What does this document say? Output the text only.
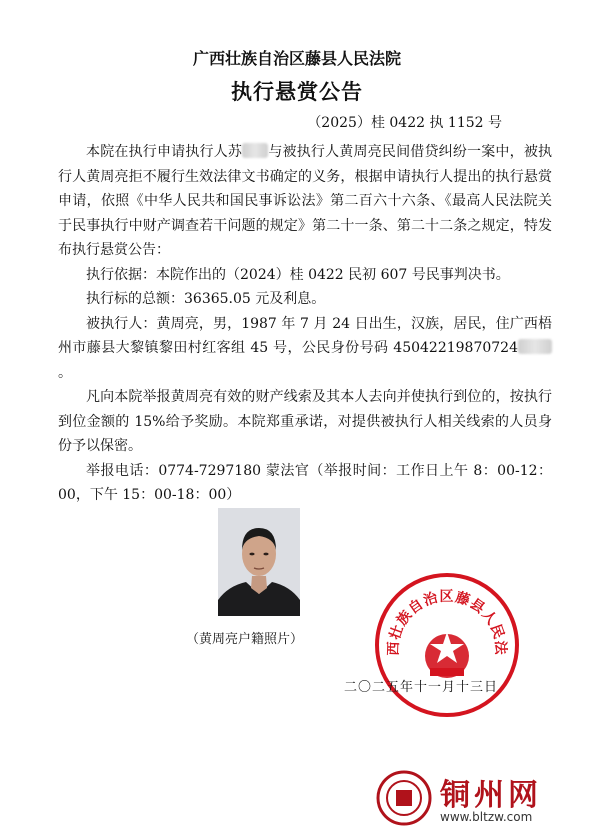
广西壮族自治区藤县人民法院
执行悬赏公告
（2025）桂 0422 执 1152 号

本院在执行申请执行人苏 与被执行人黄周亮民间借贷纠纷一案中，被执行人黄周亮拒不履行生效法律文书确定的义务，根据申请执行人提出的执行悬赏申请，依照《中华人民共和国民事诉讼法》第二百六十六条、《最高人民法院关于民事执行中财产调查若干问题的规定》第二十一条、第二十二条之规定，特发布执行悬赏公告：

执行依据：本院作出的（2024）桂 0422 民初 607 号民事判决书。

执行标的总额：36365.05 元及利息。

被执行人：黄周亮，男，1987 年 7 月 24 日出生，汉族，居民，住广西梧州市藤县大黎镇黎田村红客组 45 号，公民身份号码 45042219870724。

凡向本院举报黄周亮有效的财产线索及其本人去向并使执行到位的，按执行到位金额的 15%给予奖励。本院郑重承诺，对提供被执行人相关线索的人员身份予以保密。

举报电话：0774-7297180 蒙法官（举报时间：工作日上午 8：00-12：00，下午 15：00-18：00）

（黄周亮户籍照片）
西壮族自治区藤县人民法
二〇二五年十一月十三日
铜州网
www.bltzw.com
